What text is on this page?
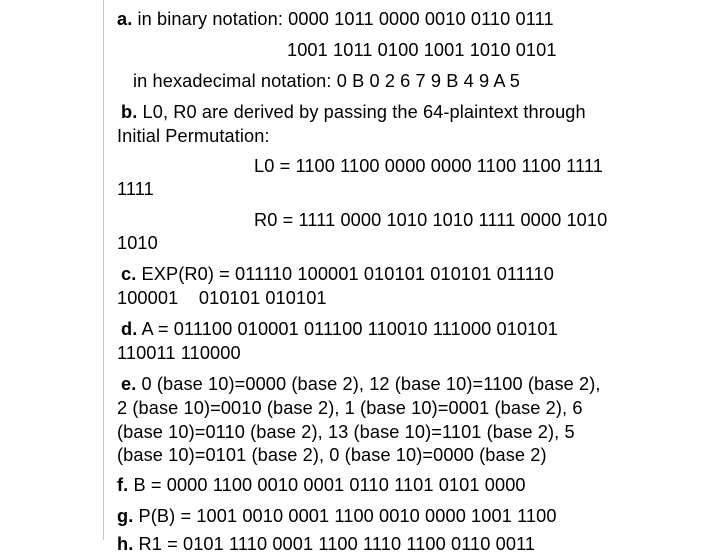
a. in binary notation: 0000 1011 0000 0010 0110 0111
1001 1011 0100 1001 1010 0101
in hexadecimal notation: 0 B 0 2 6 7 9 B 4 9 A 5
b. L0, R0 are derived by passing the 64-plaintext through
Initial Permutation:
L0 = 1100 1100 0000 0000 1100 1100 1111
1111
R0 = 1111 0000 1010 1010 1111 0000 1010
1010
c. EXP(R0) = 011110 100001 010101 010101 011110
100001    010101 010101
d. A = 011100 010001 011100 110010 111000 010101
110011 110000
e. 0 (base 10)=0000 (base 2), 12 (base 10)=1100 (base 2),
2 (base 10)=0010 (base 2), 1 (base 10)=0001 (base 2), 6
(base 10)=0110 (base 2), 13 (base 10)=1101 (base 2), 5
(base 10)=0101 (base 2), 0 (base 10)=0000 (base 2)
f. B = 0000 1100 0010 0001 0110 1101 0101 0000
g. P(B) = 1001 0010 0001 1100 0010 0000 1001 1100
h. R1 = 0101 1110 0001 1100 1110 1100 0110 0011
